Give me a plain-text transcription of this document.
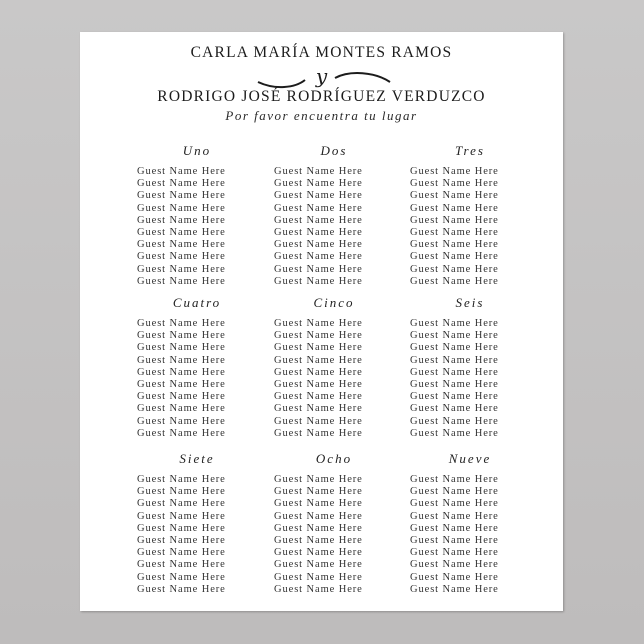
CARLA MARÍA MONTES RAMOS
y
RODRIGO JOSÉ RODRÍGUEZ VERDUZCO
Por favor encuentra tu lugar
Uno
Guest Name Here
Guest Name Here
Guest Name Here
Guest Name Here
Guest Name Here
Guest Name Here
Guest Name Here
Guest Name Here
Guest Name Here
Guest Name Here
Dos
Guest Name Here
Guest Name Here
Guest Name Here
Guest Name Here
Guest Name Here
Guest Name Here
Guest Name Here
Guest Name Here
Guest Name Here
Guest Name Here
Tres
Guest Name Here
Guest Name Here
Guest Name Here
Guest Name Here
Guest Name Here
Guest Name Here
Guest Name Here
Guest Name Here
Guest Name Here
Guest Name Here
Cuatro
Guest Name Here
Guest Name Here
Guest Name Here
Guest Name Here
Guest Name Here
Guest Name Here
Guest Name Here
Guest Name Here
Guest Name Here
Guest Name Here
Cinco
Guest Name Here
Guest Name Here
Guest Name Here
Guest Name Here
Guest Name Here
Guest Name Here
Guest Name Here
Guest Name Here
Guest Name Here
Guest Name Here
Seis
Guest Name Here
Guest Name Here
Guest Name Here
Guest Name Here
Guest Name Here
Guest Name Here
Guest Name Here
Guest Name Here
Guest Name Here
Guest Name Here
Siete
Guest Name Here
Guest Name Here
Guest Name Here
Guest Name Here
Guest Name Here
Guest Name Here
Guest Name Here
Guest Name Here
Guest Name Here
Guest Name Here
Ocho
Guest Name Here
Guest Name Here
Guest Name Here
Guest Name Here
Guest Name Here
Guest Name Here
Guest Name Here
Guest Name Here
Guest Name Here
Guest Name Here
Nueve
Guest Name Here
Guest Name Here
Guest Name Here
Guest Name Here
Guest Name Here
Guest Name Here
Guest Name Here
Guest Name Here
Guest Name Here
Guest Name Here
